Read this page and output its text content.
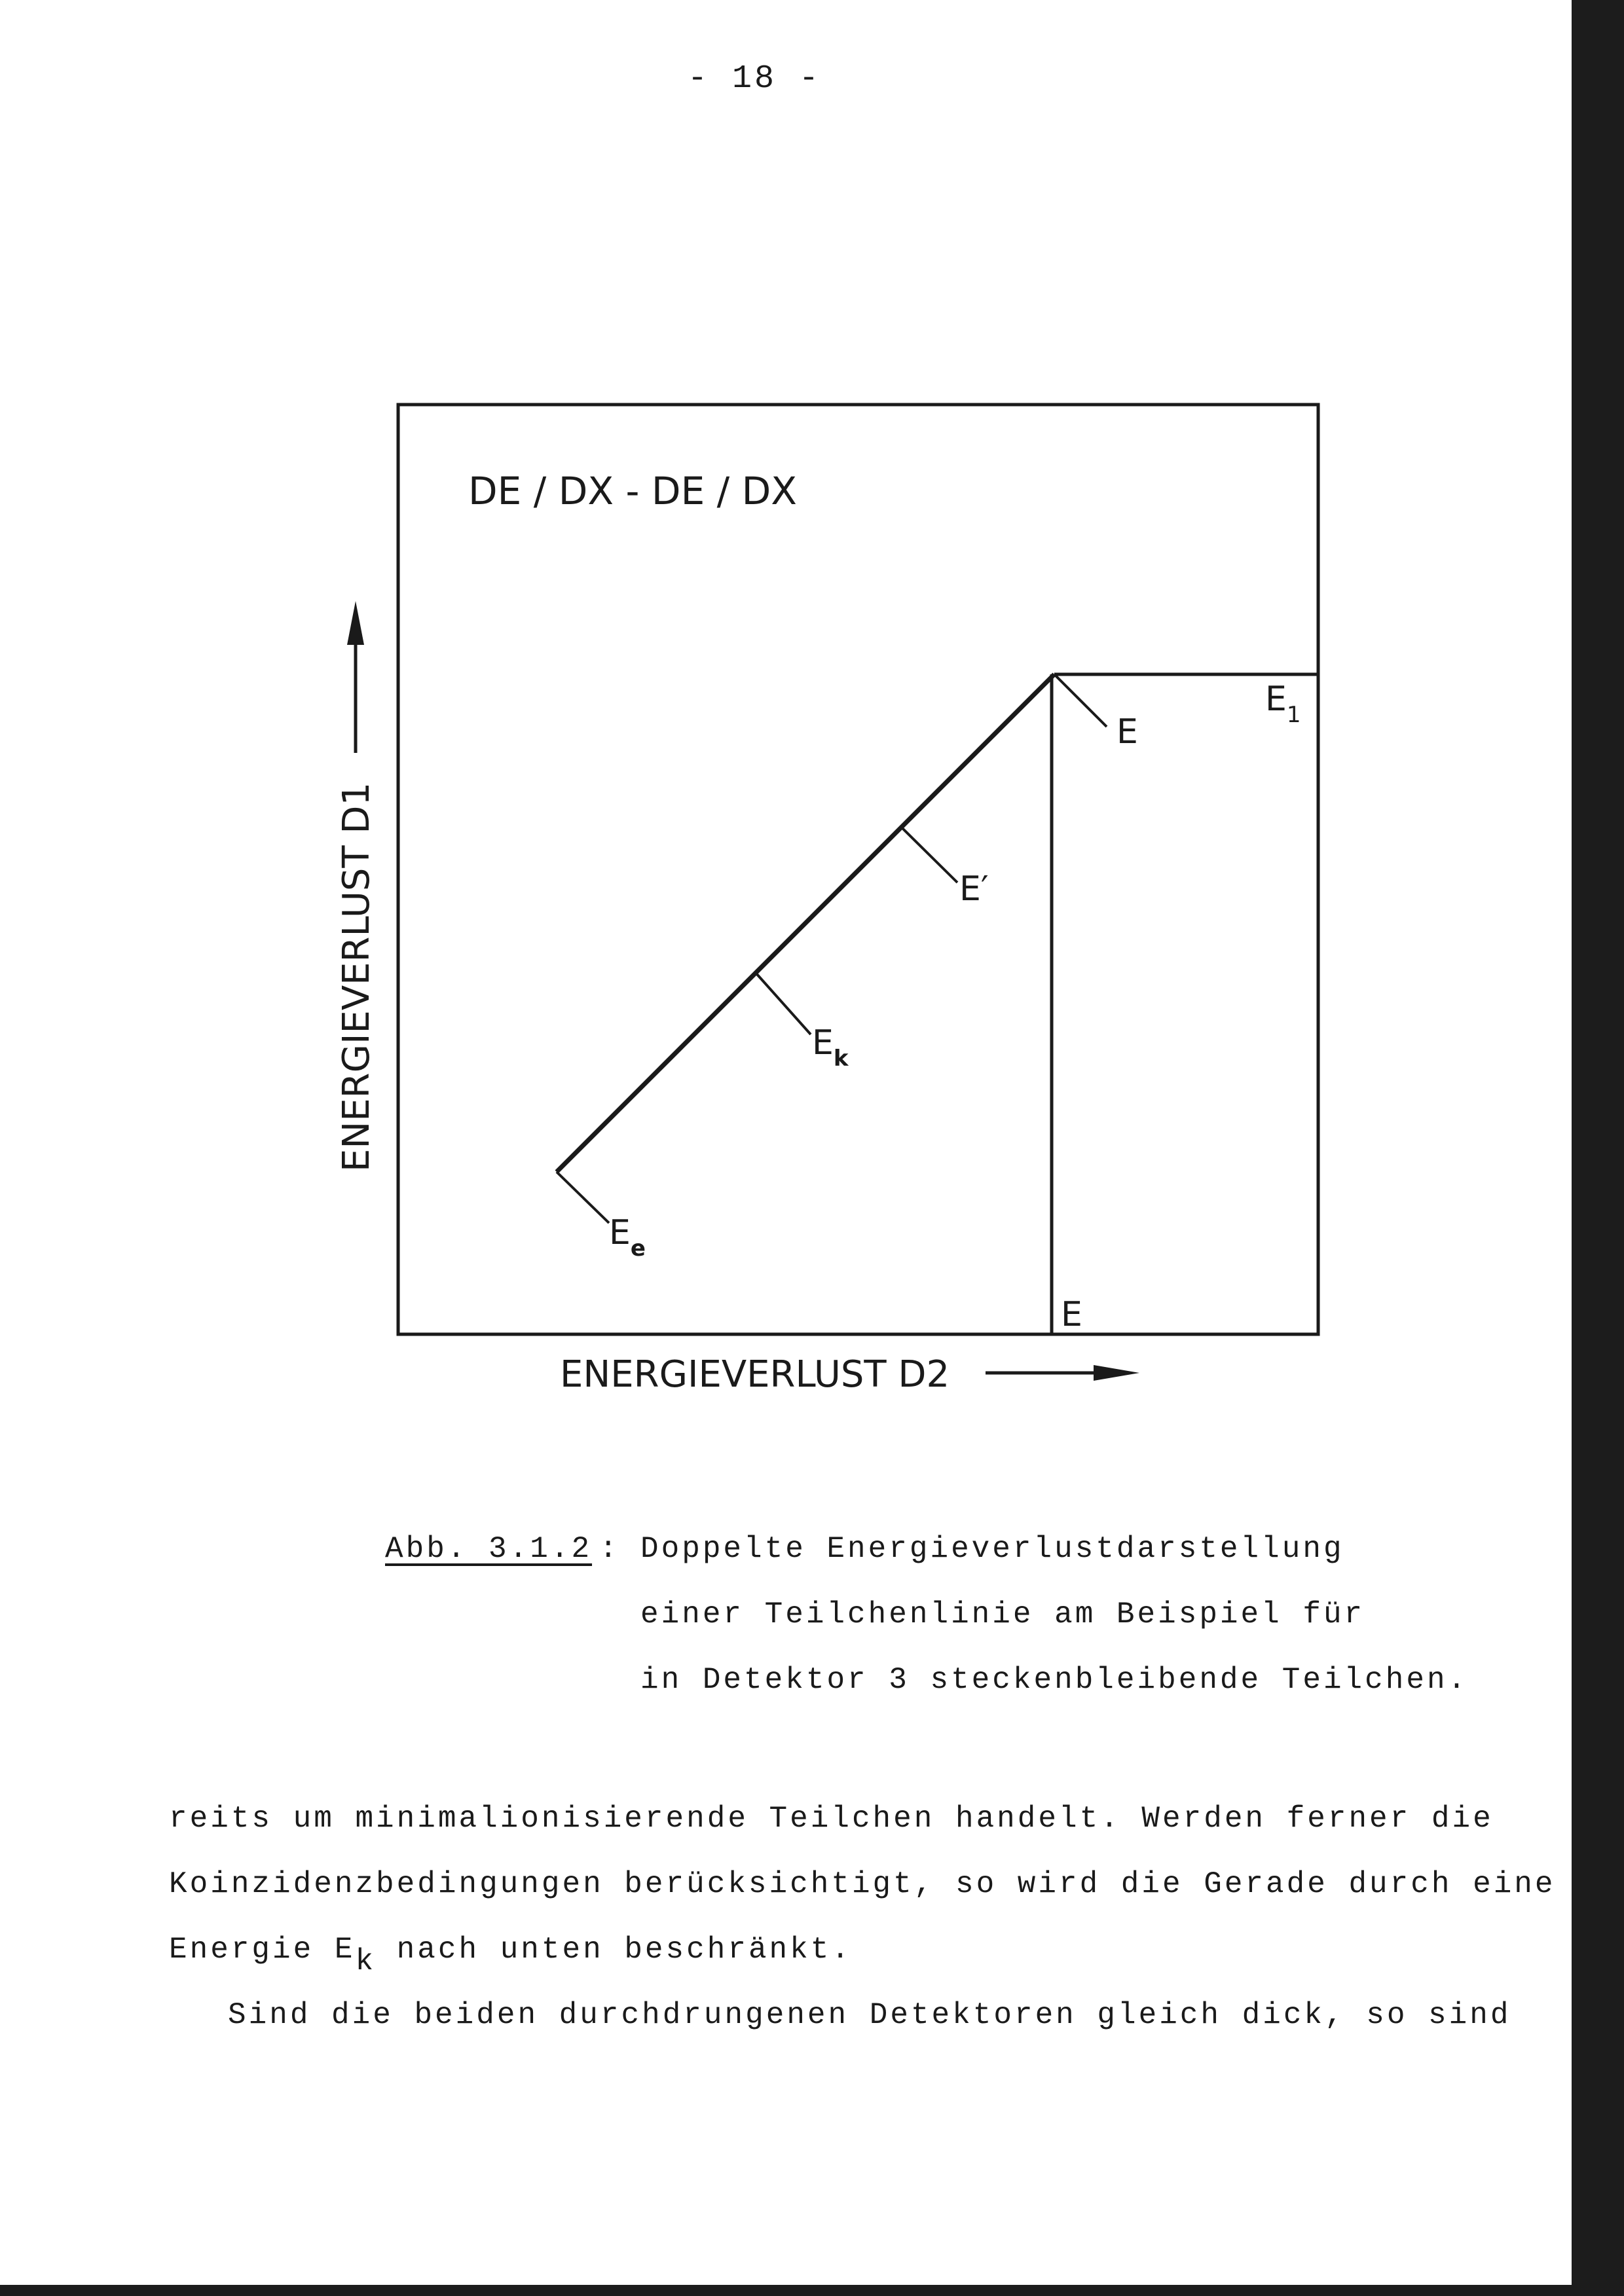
- 18 -
DE / DX - DE / DX
$E_e$
$E_k$
E′
E
$E_1$
E
ENERGIEVERLUST D1
ENERGIEVERLUST D2
Abb. 3.1.2 : Doppelte Energieverlustdarstellung
einer Teilchenlinie am Beispiel für
in Detektor 3 steckenbleibende Teilchen.
reits um minimalionisierende Teilchen handelt. Werden ferner die
Koinzidenzbedingungen berücksichtigt, so wird die Gerade durch eine
Energie $E_k$ nach unten beschränkt.
Sind die beiden durchdrungenen Detektoren gleich dick, so sind
